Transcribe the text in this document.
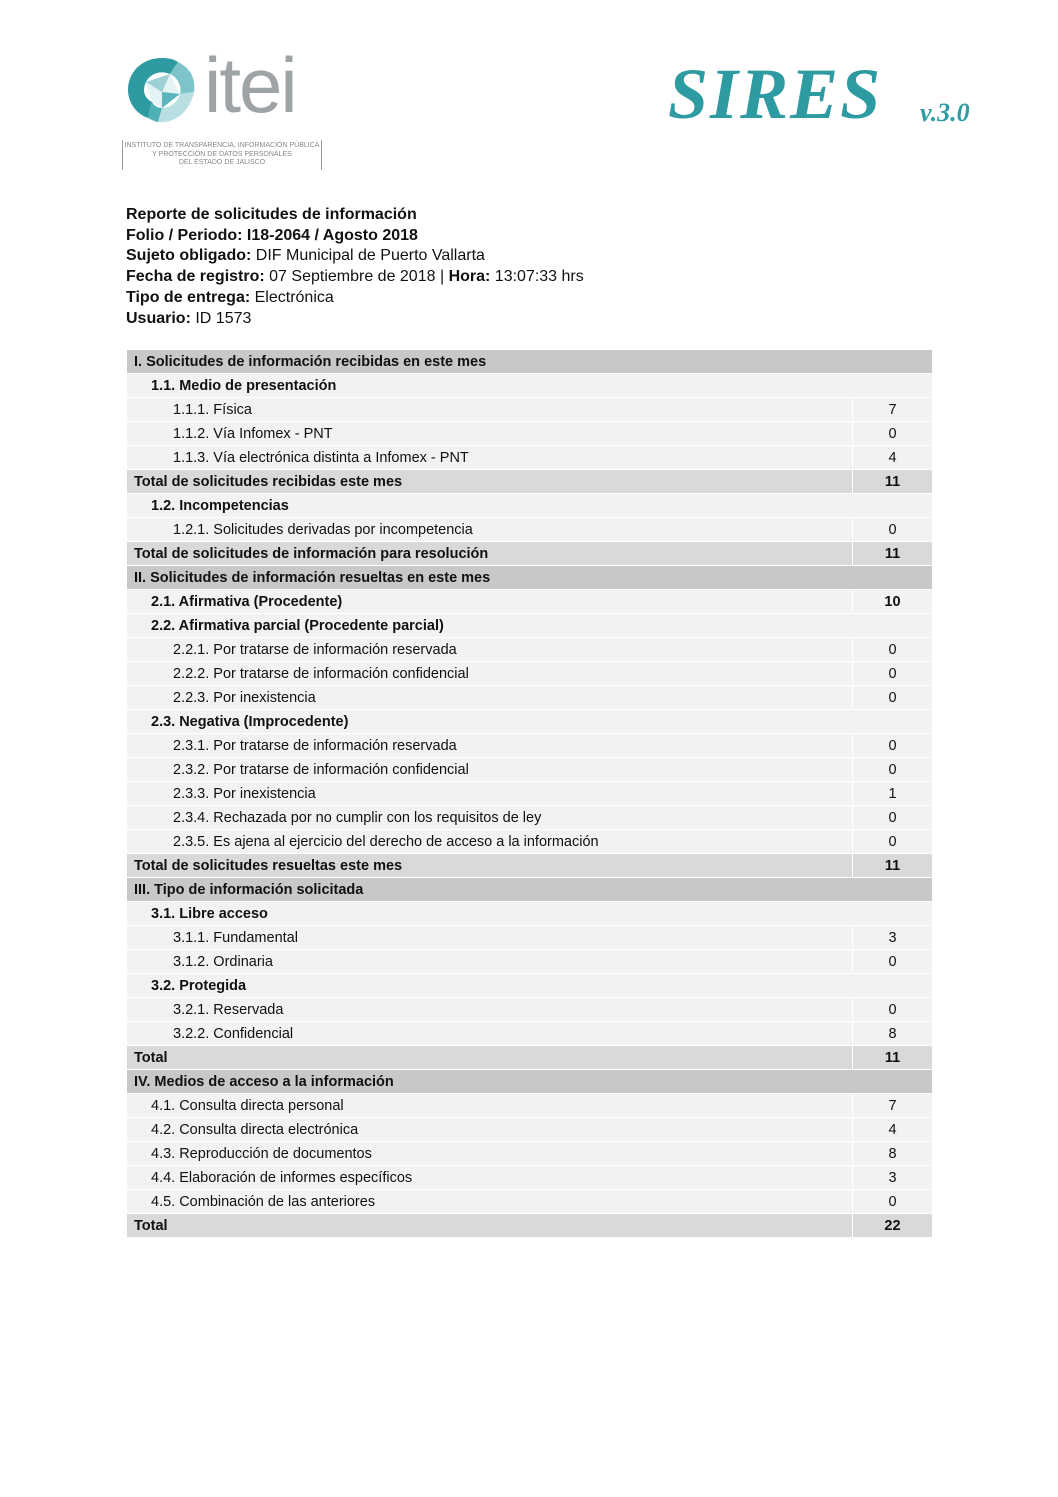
itei
INSTITUTO DE TRANSPARENCIA, INFORMACIÓN PÚBLICA
Y PROTECCIÓN DE DATOS PERSONALES
DEL ESTADO DE JALISCO
SIRES v.3.0
Reporte de solicitudes de información
Folio / Periodo: I18-2064 / Agosto 2018
Sujeto obligado: DIF Municipal de Puerto Vallarta
Fecha de registro: 07 Septiembre de 2018 | Hora: 13:07:33 hrs
Tipo de entrega: Electrónica
Usuario: ID 1573
I. Solicitudes de información recibidas en este mes	
1.1. Medio de presentación	
1.1.1. Física	7
1.1.2. Vía Infomex - PNT	0
1.1.3. Vía electrónica distinta a Infomex - PNT	4
Total de solicitudes recibidas este mes	11
1.2. Incompetencias	
1.2.1. Solicitudes derivadas por incompetencia	0
Total de solicitudes de información para resolución	11
II. Solicitudes de información resueltas en este mes	
2.1. Afirmativa (Procedente)	10
2.2. Afirmativa parcial (Procedente parcial)	
2.2.1. Por tratarse de información reservada	0
2.2.2. Por tratarse de información confidencial	0
2.2.3. Por inexistencia	0
2.3. Negativa (Improcedente)	
2.3.1. Por tratarse de información reservada	0
2.3.2. Por tratarse de información confidencial	0
2.3.3. Por inexistencia	1
2.3.4. Rechazada por no cumplir con los requisitos de ley	0
2.3.5. Es ajena al ejercicio del derecho de acceso a la información	0
Total de solicitudes resueltas este mes	11
III. Tipo de información solicitada	
3.1. Libre acceso	
3.1.1. Fundamental	3
3.1.2. Ordinaria	0
3.2. Protegida	
3.2.1. Reservada	0
3.2.2. Confidencial	8
Total	11
IV. Medios de acceso a la información	
4.1. Consulta directa personal	7
4.2. Consulta directa electrónica	4
4.3. Reproducción de documentos	8
4.4. Elaboración de informes específicos	3
4.5. Combinación de las anteriores	0
Total	22
